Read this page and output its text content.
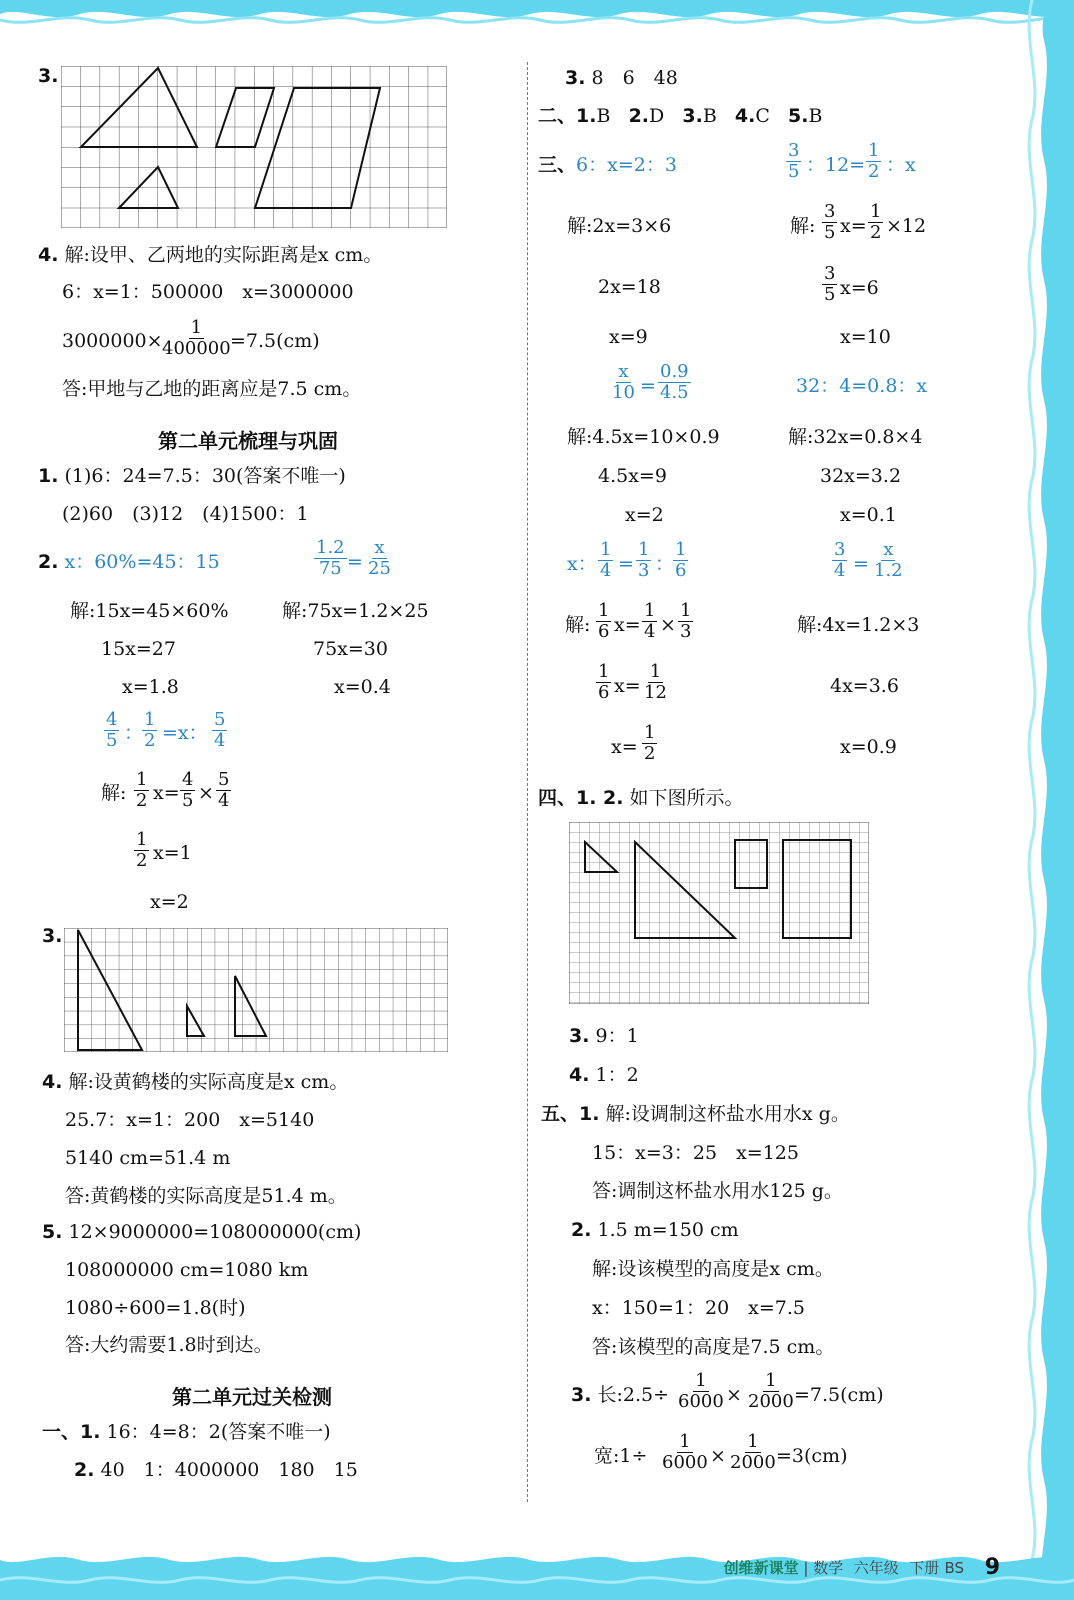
3.
4. 解:设甲、乙两地的实际距离是x cm。
6：x=1：500000　x=3000000
3000000×
$\frac{1}{400000}$
=7.5(cm)
答:甲地与乙地的距离应是7.5 cm。
第二单元梳理与巩固
1. (1)6：24=7.5：30(答案不唯一)
(2)60　(3)12　(4)1500：1
2. x：60%=45：15	$\frac{1.2}{75} = \frac{x}{25}$
解:15x=45×60%
15x=27
x=1.8
解:75x=1.2×25
75x=30
x=0.4
$\frac{4}{5}$ ：
$\frac{1}{2} =x$： $\frac{5}{4}$
解: $\frac{1}{2} x= \frac{4}{5} \times \frac{5}{4}$
$\frac{1}{2} x=1$
x=2
3.
4. 解:设黄鹤楼的实际高度是x cm。
25.7：x=1：200　x=5140
5140 cm=51.4 m
答:黄鹤楼的实际高度是51.4 m。
5. 12×9000000=108000000(cm)
108000000 cm=1080 km
1080÷600=1.8(时)
答:大约需要1.8时到达。
第二单元过关检测
一、1. 16：4=8：2(答案不唯一)
2. 40　1：4000000　180　15
3. 8　6　48
二、1.B 2.D 3.B 4.C 5.B
三、6：x=2：3
解:2x=3×6
2x=18
x=9
$\frac{3}{5}$ ：$12= \frac{1}{2}$ ：x
解: $\frac{3}{5} x= \frac{1}{2} \times 12$
$\frac{3}{5} x=6$
x=10
$\frac{x}{10} = \frac{0.9}{4.5}$
解:4.5x=10×0.9
4.5x=9
x=2
32：4=0.8：x
解:32x=0.8×4
32x=3.2
x=0.1
x： $\frac{1}{4} = \frac{1}{3}$ ：
$\frac{1}{6}$
解: $\frac{1}{6} x= \frac{1}{4} \times \frac{1}{3}$
$\frac{1}{6} x= \frac{1}{12}$
$x= \frac{1}{2}$
$\frac{3}{4} = \frac{x}{1.2}$
解:4x=1.2×3
4x=3.6
x=0.9
四、1. 2. 如下图所示。
3. 9：1
4. 1：2
五、1. 解:设调制这杯盐水用水x g。
15：x=3：25　x=125
答:调制这杯盐水用水125 g。
2. 1.5 m=150 cm
解:设该模型的高度是x cm。
x：150=1：20　x=7.5
答:该模型的高度是7.5 cm。
3. 长:2.5÷ $\frac{1}{6000} \times \frac{1}{2000}$
=7.5(cm)
宽:1÷ $\frac{1}{6000} \times \frac{1}{2000}$
=3(cm)
创维新课堂 | 数学 六年级 下册 BS 9
